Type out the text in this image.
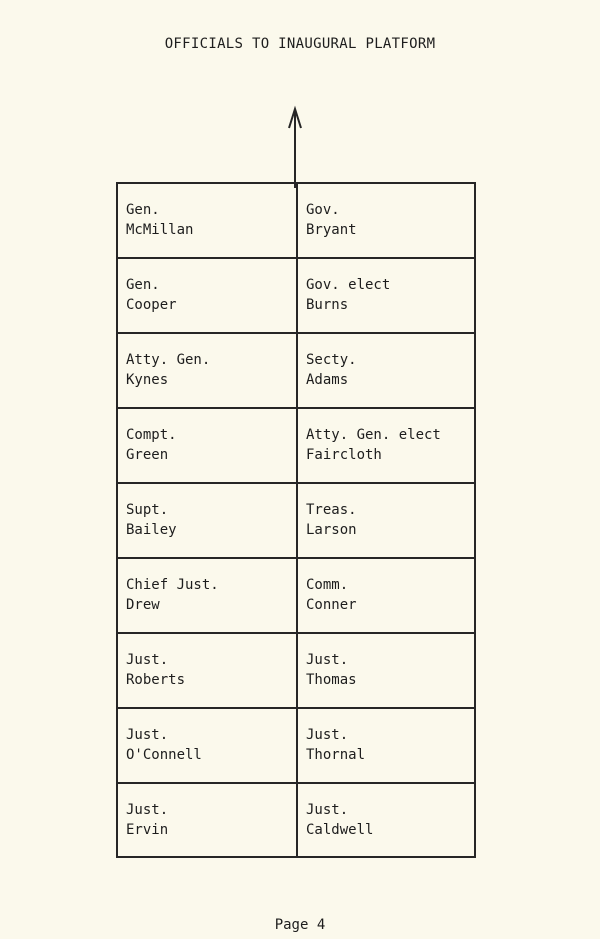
OFFICIALS TO INAUGURAL PLATFORM
Gen.
McMillan
Gov.
Bryant
Gen.
Cooper
Gov. elect
Burns
Atty. Gen.
Kynes
Secty.
Adams
Compt.
Green
Atty. Gen. elect
Faircloth
Supt.
Bailey
Treas.
Larson
Chief Just.
Drew
Comm.
Conner
Just.
Roberts
Just.
Thomas
Just.
O'Connell
Just.
Thornal
Just.
Ervin
Just.
Caldwell
Page 4
